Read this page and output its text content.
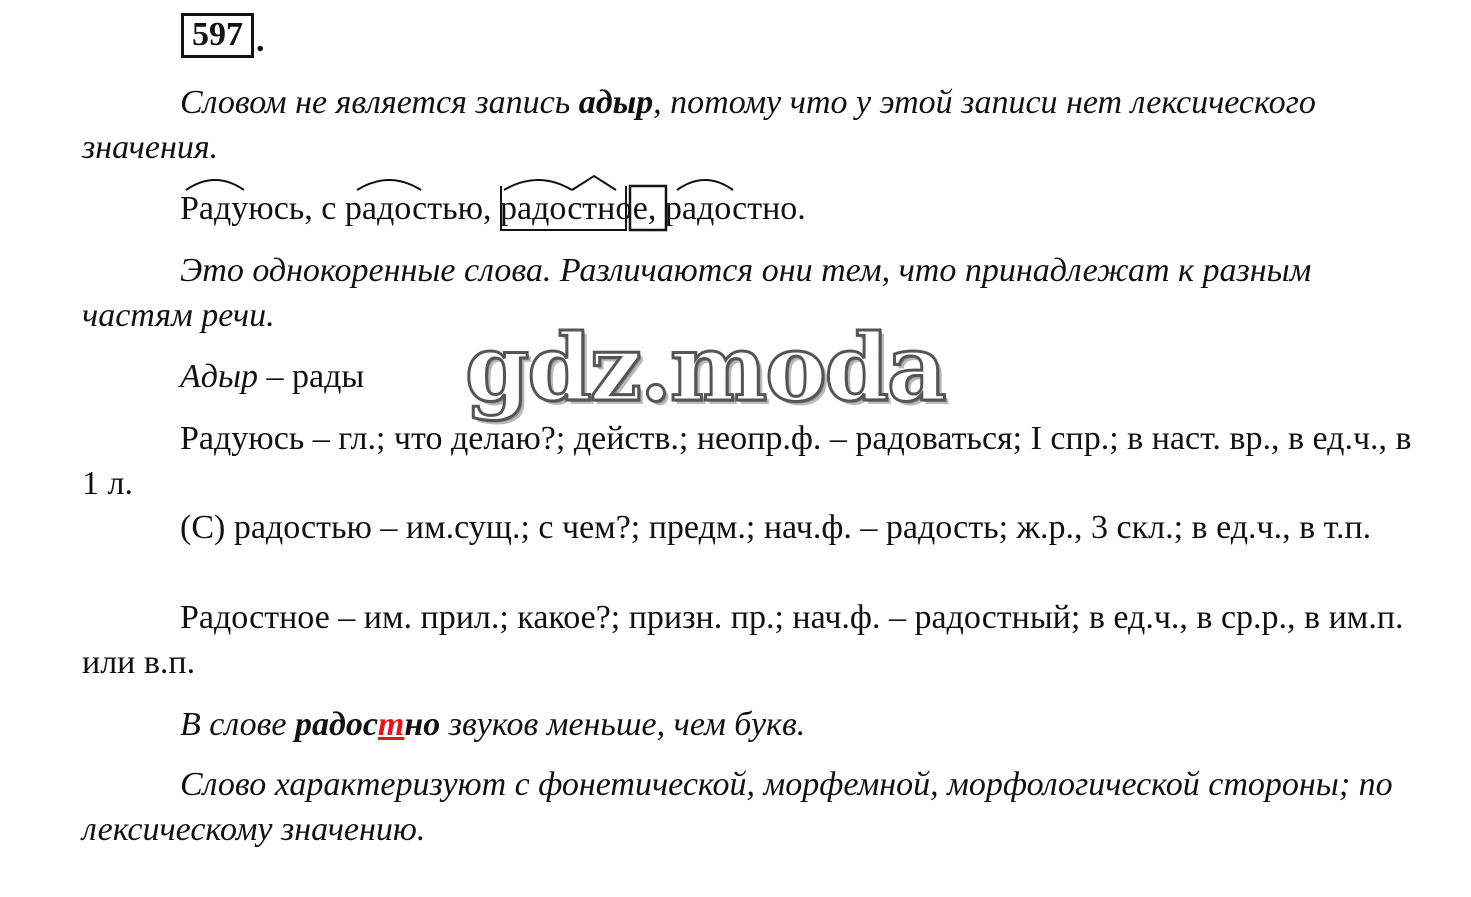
597 .

Словом не является запись адыр, потому что у этой записи нет лексического значения.

Радуюсь, с
радостью,
радостное,
радостно.

Это однокоренные слова. Различаются они тем, что принадлежат к разным частям речи.

Адыр – рады

Радуюсь – гл.; что делаю?; действ.; неопр.ф. – радоваться; I спр.; в наст. вр., в ед.ч., в 1 л.

(С) радостью – им.сущ.; с чем?; предм.; нач.ф. – радость; ж.р., 3 скл.; в ед.ч., в т.п.

Радостное – им. прил.; какое?; призн. пр.; нач.ф. – радостный; в ед.ч., в ср.р., в им.п. или в.п.

В слове радостно звуков меньше, чем букв.

Слово характеризуют с фонетической, морфемной, морфологической стороны; по лексическому значению.

gdz.moda
